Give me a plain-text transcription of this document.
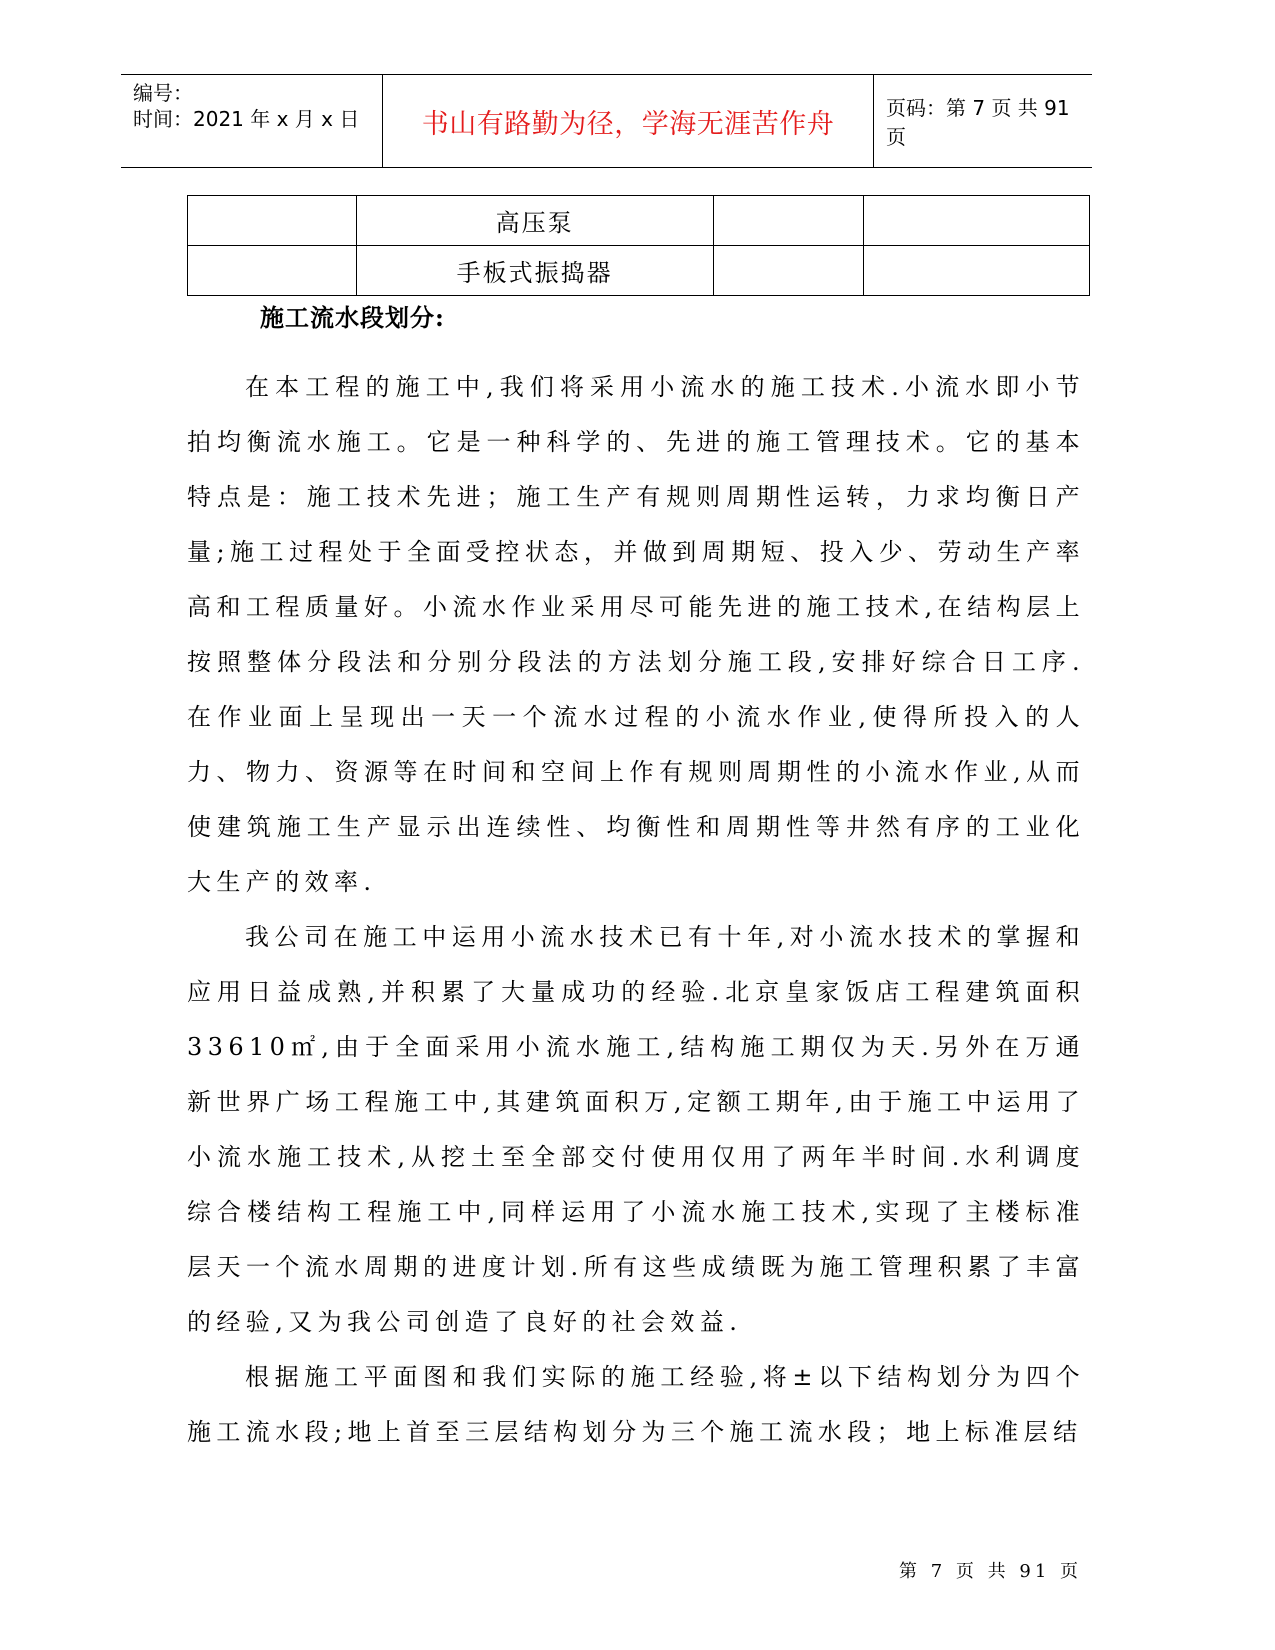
编号：
时间：2021 年 x 月 x 日	书山有路勤为径，学海无涯苦作舟
页码：第 7 页 共 91 页
	高压泵		
	手板式振捣器		
施工流水段划分:

在本工程的施工中,我们将采用小流水的施工技术.小流水即小节拍均衡流水施工。它是一种科学的、先进的施工管理技术。它的基本特点是：施工技术先进；施工生产有规则周期性运转，力求均衡日产量;施工过程处于全面受控状态，并做到周期短、投入少、劳动生产率高和工程质量好。小流水作业采用尽可能先进的施工技术,在结构层上按照整体分段法和分别分段法的方法划分施工段,安排好综合日工序.在作业面上呈现出一天一个流水过程的小流水作业,使得所投入的人力、物力、资源等在时间和空间上作有规则周期性的小流水作业,从而使建筑施工生产显示出连续性、均衡性和周期性等井然有序的工业化大生产的效率.

我公司在施工中运用小流水技术已有十年,对小流水技术的掌握和应用日益成熟,并积累了大量成功的经验.北京皇家饭店工程建筑面积33610㎡,由于全面采用小流水施工,结构施工期仅为天.另外在万通新世界广场工程施工中,其建筑面积万,定额工期年,由于施工中运用了小流水施工技术,从挖土至全部交付使用仅用了两年半时间.水利调度综合楼结构工程施工中,同样运用了小流水施工技术,实现了主楼标准层天一个流水周期的进度计划.所有这些成绩既为施工管理积累了丰富的经验,又为我公司创造了良好的社会效益.

根据施工平面图和我们实际的施工经验,将±以下结构划分为四个施工流水段;地上首至三层结构划分为三个施工流水段；地上标准层结

第 7 页 共 91 页
